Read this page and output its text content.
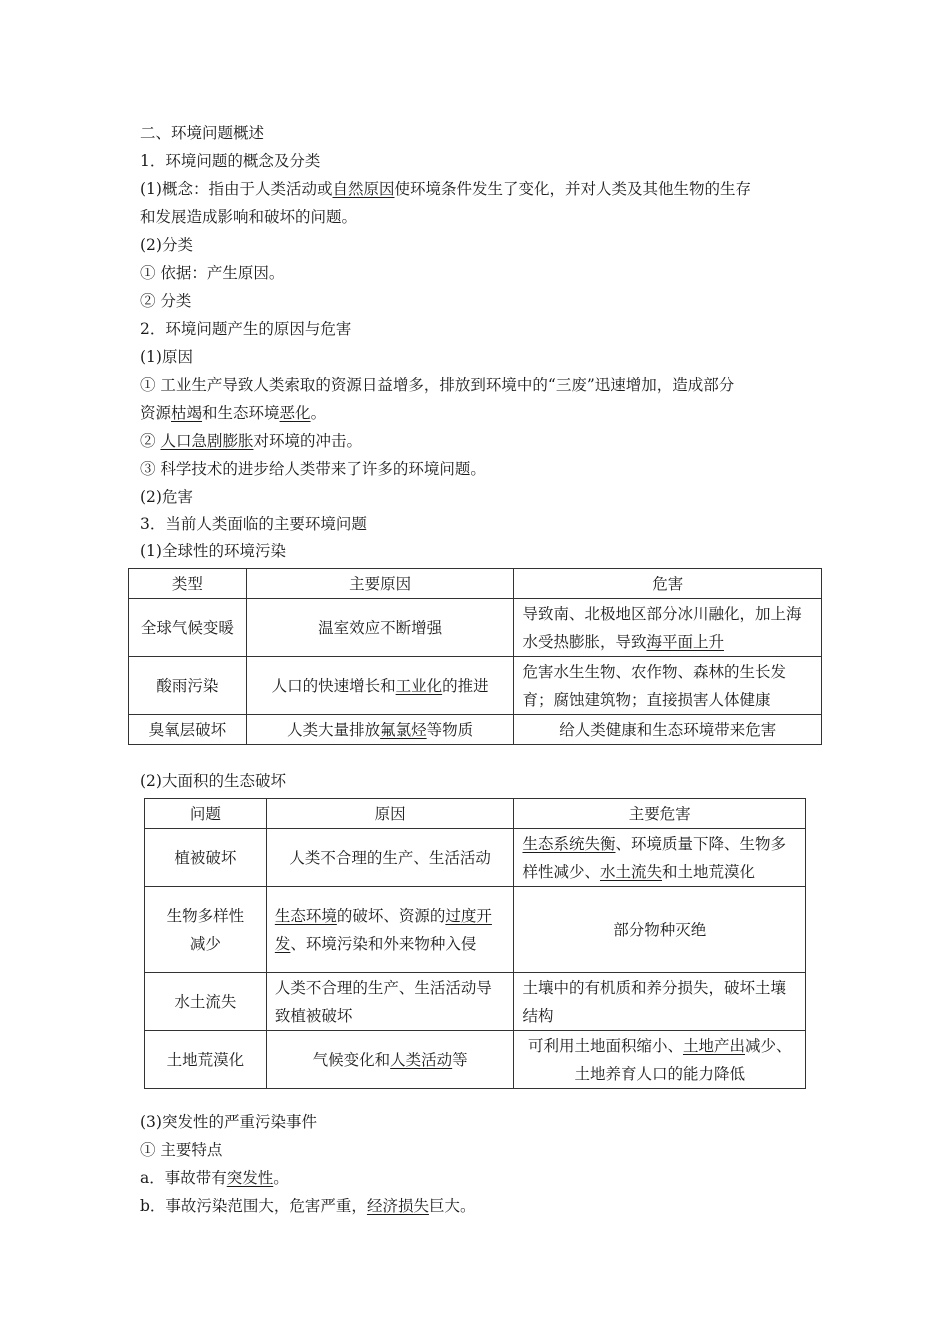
二、环境问题概述
1．环境问题的概念及分类
(1)概念：指由于人类活动或自然原因使环境条件发生了变化，并对人类及其他生物的生存
和发展造成影响和破坏的问题。
(2)分类
① 依据：产生原因。
② 分类
2．环境问题产生的原因与危害
(1)原因
① 工业生产导致人类索取的资源日益增多，排放到环境中的“三废”迅速增加，造成部分
资源枯竭和生态环境恶化。
② 人口急剧膨胀对环境的冲击。
③ 科学技术的进步给人类带来了许多的环境问题。
(2)危害
3．当前人类面临的主要环境问题
(1)全球性的环境污染
类型	主要原因	危害
全球气候变暖	温室效应不断增强	导致南、北极地区部分冰川融化，加上海水受热膨胀，导致海平面上升
酸雨污染	人口的快速增长和工业化的推进	危害水生生物、农作物、森林的生长发育；腐蚀建筑物；直接损害人体健康
臭氧层破坏	人类大量排放氟氯烃等物质	给人类健康和生态环境带来危害
(2)大面积的生态破坏
问题	原因	主要危害
植被破坏	人类不合理的生产、生活活动	生态系统失衡、环境质量下降、生物多样性减少、水土流失和土地荒漠化
生物多样性减少	生态环境的破坏、资源的过度开发、环境污染和外来物种入侵	部分物种灭绝
水土流失	人类不合理的生产、生活活动导致植被破坏	土壤中的有机质和养分损失，破坏土壤结构
土地荒漠化	气候变化和人类活动等	可利用土地面积缩小、土地产出减少、土地养育人口的能力降低
(3)突发性的严重污染事件
① 主要特点
a．事故带有突发性。
b．事故污染范围大，危害严重，经济损失巨大。
